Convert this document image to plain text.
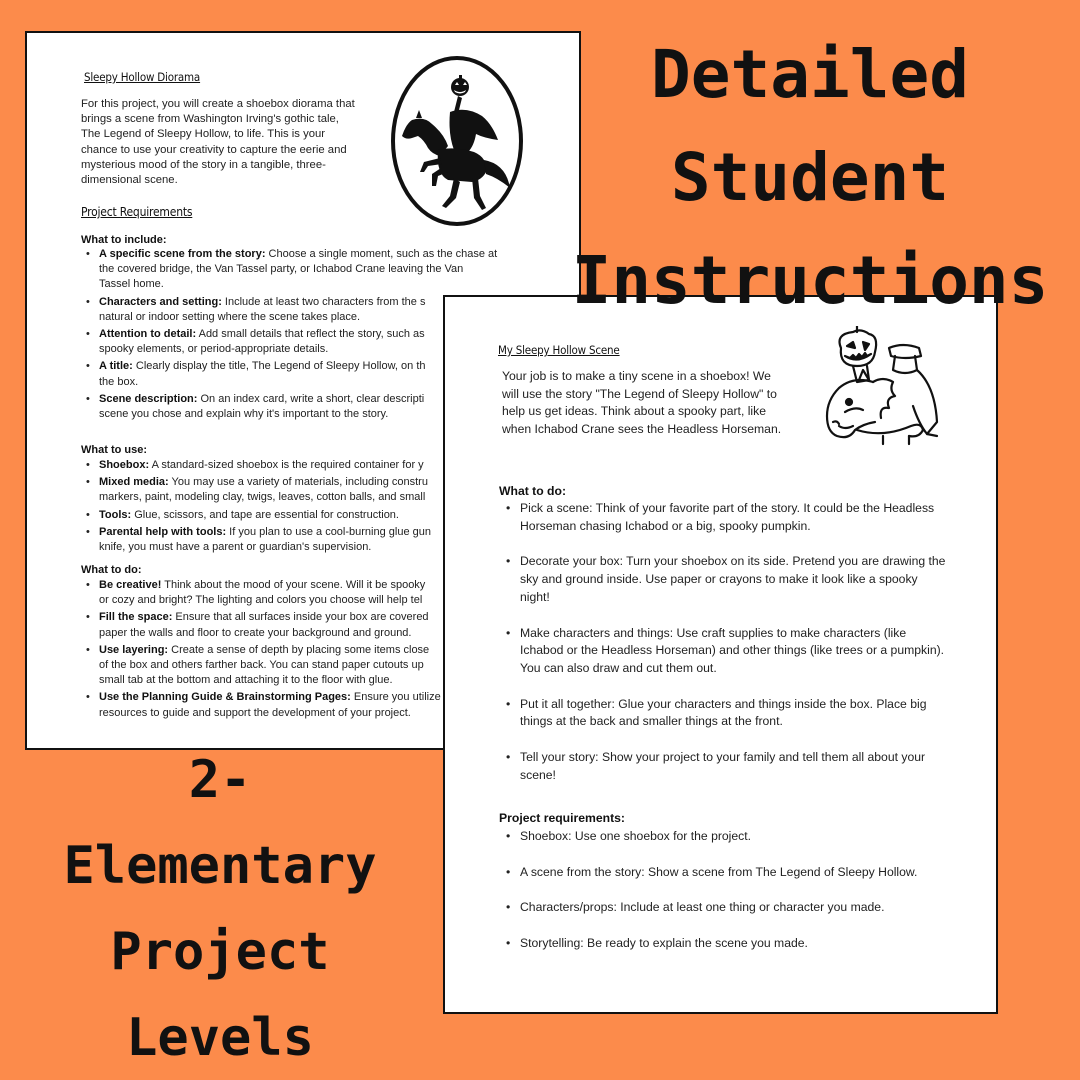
Sleepy Hollow Diorama
For this project, you will create a shoebox diorama that brings a scene from Washington Irving's gothic tale, The Legend of Sleepy Hollow, to life. This is your chance to use your creativity to capture the eerie and mysterious mood of the story in a tangible, three-dimensional scene.
Project Requirements
What to include:
• A specific scene from the story: Choose a single moment, such as the chase at
the covered bridge, the Van Tassel party, or Ichabod Crane leaving the Van
Tassel home.
• Characters and setting: Include at least two characters from the s
natural or indoor setting where the scene takes place.
• Attention to detail: Add small details that reflect the story, such as
spooky elements, or period-appropriate details.
• A title: Clearly display the title, The Legend of Sleepy Hollow, on th
the box.
• Scene description: On an index card, write a short, clear descripti
scene you chose and explain why it's important to the story.
What to use:
• Shoebox: A standard-sized shoebox is the required container for y
• Mixed media: You may use a variety of materials, including constru
markers, paint, modeling clay, twigs, leaves, cotton balls, and small
• Tools: Glue, scissors, and tape are essential for construction.
• Parental help with tools: If you plan to use a cool-burning glue gun
knife, you must have a parent or guardian's supervision.
What to do:
• Be creative! Think about the mood of your scene. Will it be spooky
or cozy and bright? The lighting and colors you choose will help tel
• Fill the space: Ensure that all surfaces inside your box are covered
paper the walls and floor to create your background and ground.
• Use layering: Create a sense of depth by placing some items close
of the box and others farther back. You can stand paper cutouts up
small tab at the bottom and attaching it to the floor with glue.
• Use the Planning Guide & Brainstorming Pages: Ensure you utilize
resources to guide and support the development of your project.
My Sleepy Hollow Scene
Your job is to make a tiny scene in a shoebox! We will use the story "The Legend of Sleepy Hollow" to help us get ideas. Think about a spooky part, like when Ichabod Crane sees the Headless Horseman.
What to do:
• Pick a scene: Think of your favorite part of the story. It could be the Headless Horseman chasing Ichabod or a big, spooky pumpkin.
• Decorate your box: Turn your shoebox on its side. Pretend you are drawing the sky and ground inside. Use paper or crayons to make it look like a spooky night!
• Make characters and things: Use craft supplies to make characters (like Ichabod or the Headless Horseman) and other things (like trees or a pumpkin). You can also draw and cut them out.
• Put it all together: Glue your characters and things inside the box. Place big things at the back and smaller things at the front.
• Tell your story: Show your project to your family and tell them all about your scene!
Project requirements:
• Shoebox: Use one shoebox for the project.
• A scene from the story: Show a scene from The Legend of Sleepy Hollow.
• Characters/props: Include at least one thing or character you made.
• Storytelling: Be ready to explain the scene you made.
Detailed
Student
Instructions
2-
Elementary
Project
Levels
